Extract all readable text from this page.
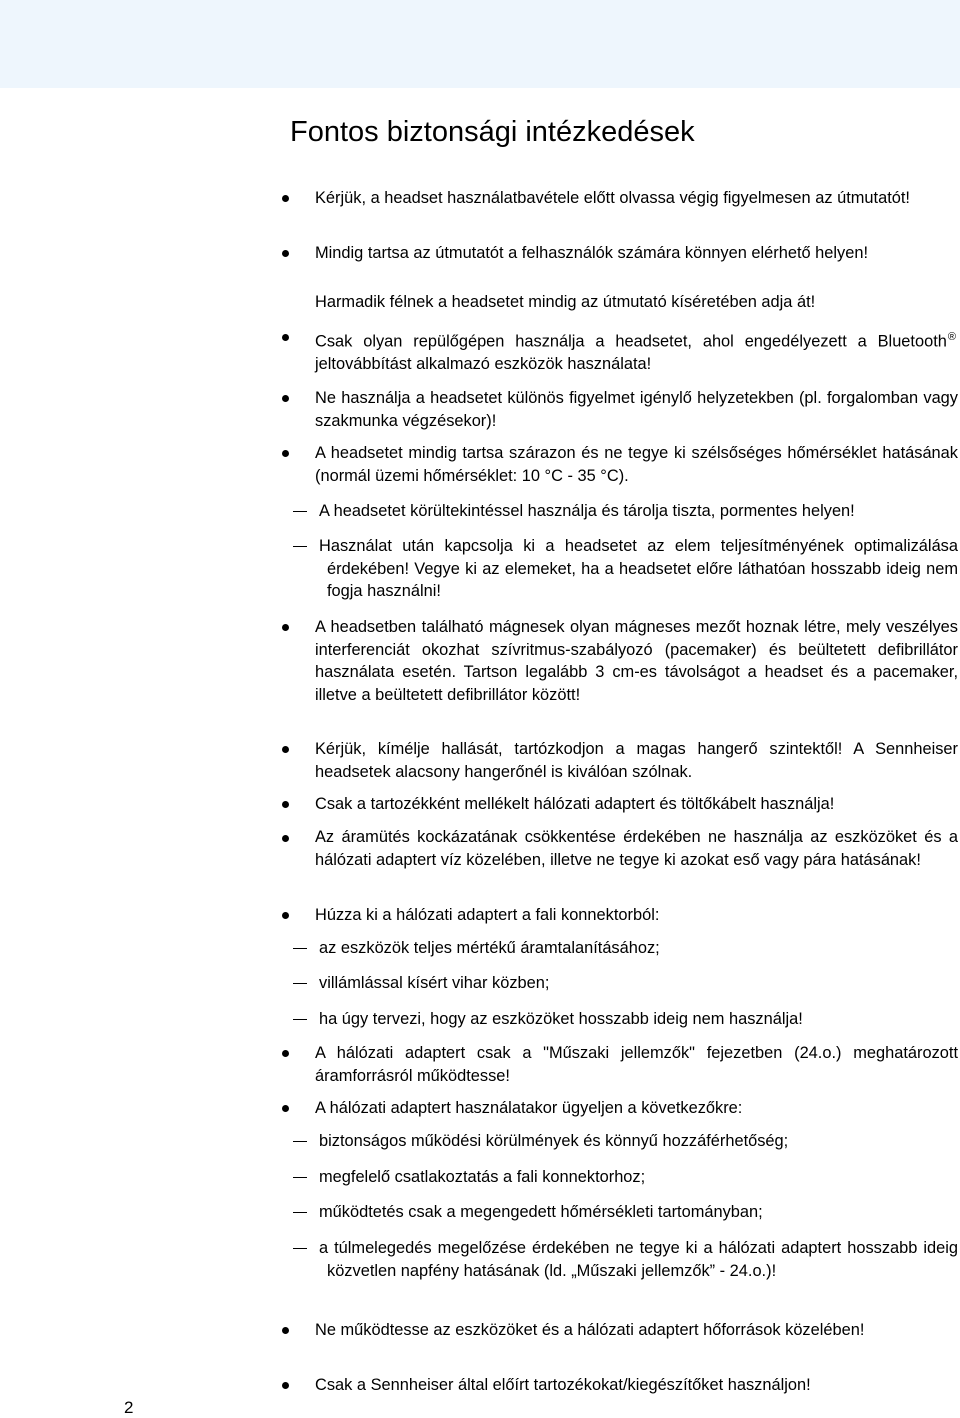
Fontos biztonsági intézkedések
Kérjük, a headset használatbavétele előtt olvassa végig figyelmesen az útmutatót!
Mindig tartsa az útmutatót a felhasználók számára könnyen elérhető helyen!
Harmadik félnek a headsetet mindig az útmutató kíséretében adja át!
Csak olyan repülőgépen használja a headsetet, ahol engedélyezett a Bluetooth® jeltovábbítást alkalmazó eszközök használata!
Ne használja a headsetet különös figyelmet igénylő helyzetekben (pl. forgalomban vagy szakmunka végzésekor)!
A headsetet mindig tartsa szárazon és ne tegye ki szélsőséges hőmérséklet hatásának (normál üzemi hőmérséklet: 10 °C - 35 °C).
A headsetet körültekintéssel használja és tárolja tiszta, pormentes helyen!
Használat után kapcsolja ki a headsetet az elem teljesítményének optimalizálása érdekében! Vegye ki az elemeket, ha a headsetet előre láthatóan hosszabb ideig nem fogja használni!
A headsetben található mágnesek olyan mágneses mezőt hoznak létre, mely veszélyes interferenciát okozhat szívritmus-szabályozó (pacemaker) és beültetett defibrillátor használata esetén. Tartson legalább 3 cm-es távolságot a headset és a pacemaker, illetve a beültetett defibrillátor között!
Kérjük, kímélje hallását, tartózkodjon a magas hangerő szintektől! A Sennheiser headsetek alacsony hangerőnél is kiválóan szólnak.
Csak a tartozékként mellékelt hálózati adaptert és töltőkábelt használja!
Az áramütés kockázatának csökkentése érdekében ne használja az eszközöket és a hálózati adaptert víz közelében, illetve ne tegye ki azokat eső vagy pára hatásának!
Húzza ki a hálózati adaptert a fali konnektorból:
az eszközök teljes mértékű áramtalanításához;
villámlással kísért vihar közben;
ha úgy tervezi, hogy az eszközöket hosszabb ideig nem használja!
A hálózati adaptert csak a "Műszaki jellemzők" fejezetben (24.o.) meghatározott áramforrásról működtesse!
A hálózati adaptert használatakor ügyeljen a következőkre:
biztonságos működési körülmények és könnyű hozzáférhetőség;
megfelelő csatlakoztatás a fali konnektorhoz;
működtetés csak a megengedett hőmérsékleti tartományban;
a túlmelegedés megelőzése érdekében ne tegye ki a hálózati adaptert hosszabb ideig közvetlen napfény hatásának (ld. „Műszaki jellemzők” - 24.o.)!
Ne működtesse az eszközöket és a hálózati adaptert hőforrások közelében!
Csak a Sennheiser által előírt tartozékokat/kiegészítőket használjon!
2
